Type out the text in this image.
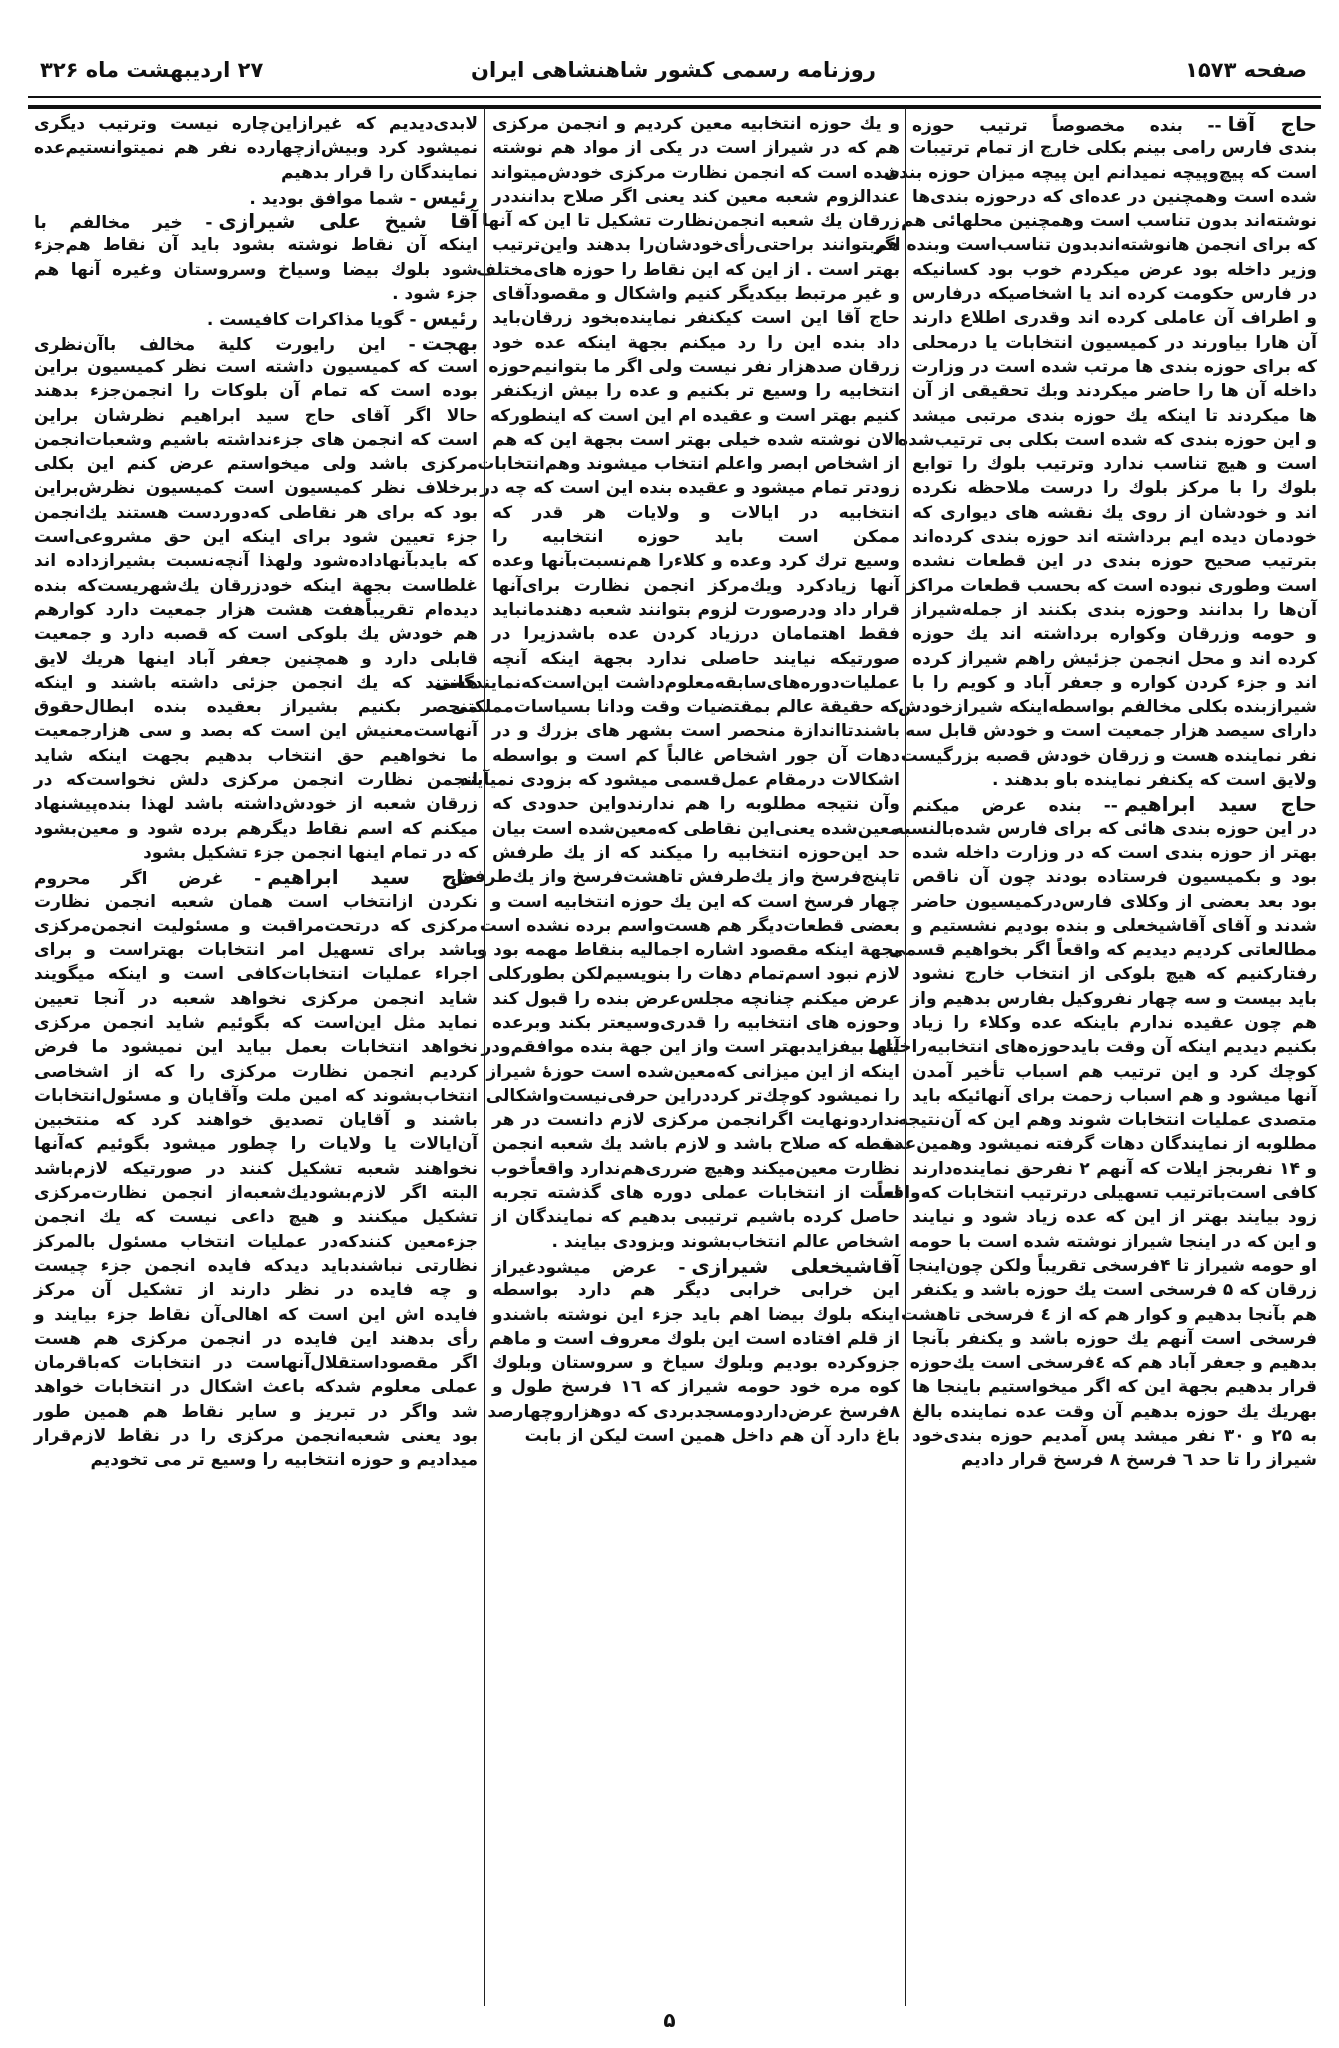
صفحه ۱۵۷۳
روزنامه رسمی کشور شاهنشاهی ایران
۲۷ اردیبهشت ماه ۳۲۶
حاج آقا-- بنده مخصوصاً ترتیب حوزه
بندی فارس رامی بینم بکلی خارج از تمام ترتیبات
است که پیچ‌وپیچه نمیدانم این پیچه میزان حوزه بندی
شده است وهمچنین در عده‌ای که درحوزه بندی‌ها
نوشته‌اند بدون تناسب است وهمچنین محلهائی هم
که برای انجمن هانوشته‌اندبدون تناسب‌است وبنده اگر
وزیر داخله بود عرض میکردم خوب بود کسانیکه
در فارس حکومت کرده اند یا اشخاصیکه درفارس
و اطراف آن عاملی کرده اند وقدری اطلاع دارند
آن هارا بیاورند در کمیسیون انتخابات یا درمحلی
که برای حوزه بندی ها مرتب شده است در وزارت
داخله آن ها را حاضر میکردند وبك تحقیقی از آن
ها میکردند تا اینکه یك حوزه بندی مرتبی میشد
و این حوزه بندی که شده است بکلی بی ترتیب‌شده
است و هیچ تناسب ندارد وترتیب بلوك را توابع
بلوك را با مرکز بلوك را درست ملاحظه نکرده
اند و خودشان از روی یك نقشه های دیواری که
خودمان دیده ایم برداشته اند حوزه بندی کرده‌اند
بترتیب صحیح حوزه بندی در این قطعات نشده
است وطوری نبوده است که بحسب قطعات مراکز
آن‌ها را بدانند وحوزه بندی بکنند از جمله‌شیراز
و حومه وزرقان وکواره برداشته اند یك حوزه
کرده اند و محل انجمن جزئیش راهم شیراز کرده
اند و جزء کردن کواره و جعفر آباد و کویم را با
شیرازبنده بکلی مخالفم بواسطه‌اینکه شیرازخودش
دارای سیصد هزار جمعیت است و خودش قابل سه
نفر نماینده هست و زرقان خودش قصبه بزرگیست
ولایق است که یکنفر نماینده باو بدهند .
حاج سید ابراهیم-- بنده عرض میکنم
در این حوزه بندی هائی که برای فارس شده‌بالنسبه
بهتر از حوزه بندی است که در وزارت داخله شده
بود و بکمیسیون فرستاده بودند چون آن ناقص
بود بعد بعضی از وکلای فارس‌درکمیسیون حاضر
شدند و آقای آقاشیخعلی و بنده بودیم نشستیم و
مطالعاتی کردیم دیدیم که واقعاً اگر بخواهیم قسمی
رفتارکنیم که هیچ بلوکی از انتخاب خارج نشود
باید بیست و سه چهار نفروکیل بفارس بدهیم واز
هم چون عقیده ندارم باینکه عده وکلاء را زیاد
بکنیم دیدیم اینکه آن وقت بایدحوزه‌های انتخابیه‌راخیلی
کوچك کرد و این ترتیب هم اسباب تأخیر آمدن
آنها میشود و هم اسباب زحمت برای آنهائیکه باید
متصدی عملیات انتخابات شوند وهم این که آن‌نتیجه
مطلوبه از نمایندگان دهات گرفته نمیشود وهمین‌عده
و ۱۴ نفربجز ایلات که آنهم ۲ نفرحق نماینده‌دارند
کافی است‌باترتیب تسهیلی درترتیب انتخابات که‌واقعاً
زود بیایند بهتر از این که عده زیاد شود و نیایند
و این که در اینجا شیراز نوشته شده است با حومه
او حومه شیراز تا ۴فرسخی تقریباً ولکن چون‌اینجا
زرقان که ۵ فرسخی است یك حوزه باشد و یکنفر
هم بآنجا بدهیم و کوار هم که از ٤ فرسخی تاهشت
فرسخی است آنهم یك حوزه باشد و یکنفر بآنجا
بدهیم و جعفر آباد هم که ٤فرسخی است یك‌حوزه
قرار بدهیم بجهة این که اگر میخواستیم باینجا ها
بهریك یك حوزه بدهیم آن وقت عده نماینده بالغ
به ۲۵ و ۳۰ نفر میشد پس آمدیم حوزه بندی‌خود
شیراز را تا حد ٦ فرسخ ۸ فرسخ قرار دادیم
و یك حوزه انتخابیه معین کردیم و انجمن مرکزی
هم که در شیراز است در یکی از مواد هم نوشته
شده است که انجمن نظارت مرکزی خودش‌میتواند
عندالزوم شعبه معین کند یعنی اگر صلاح بداننددر
زرقان یك شعبه انجمن‌نظارت تشکیل تا این که آنها
هم‌بتوانند براحتی‌رأی‌خودشان‌را بدهند واین‌ترتیب
بهتر است . از این که این نقاط را حوزه های‌مختلف
و غیر مرتبط بیکدیگر کنیم واشکال و مقصودآقای
حاج آقا این است کیکنفر نماینده‌بخود زرقان‌باید
داد بنده این را رد میکنم بجهة اینکه عده خود
زرقان صدهزار نفر نیست ولی اگر ما بتوانیم‌حوزه
انتخابیه را وسیع تر بکنیم و عده را بیش ازیکنفر
کنیم بهتر است و عقیده ام این است که اینطورکه
الان نوشته شده خیلی بهتر است بجهة این که هم
از اشخاص ابصر واعلم انتخاب میشوند وهم‌انتخابات
زودتر تمام میشود و عقیده بنده این است که چه در
انتخابیه در ایالات و ولایات هر قدر که
ممکن است باید حوزه انتخابیه را
وسیع ترك کرد وعده و کلاءرا هم‌نسبت‌بآنها وعده
آنها زیادکرد ویك‌مرکز انجمن نظارت برای‌آنها
قرار داد ودرصورت لزوم بتوانند شعبه دهندمانباید
فقط اهتمامان درزیاد کردن عده باشدزیرا در
صورتیکه نیایند حاصلی ندارد بجهة اینکه آنچه
عملیات‌دوره‌های‌سابقه‌معلوم‌داشت این‌است‌که‌نمایندگانی
که حقیقة عالم بمقتضیات وقت ودانا بسیاسات‌مملکتی
باشندتااندازة منحصر است بشهر های بزرك و در
دهات آن جور اشخاص غالباً کم است و بواسطه
اشکالات درمقام عمل‌قسمی میشود که بزودی نمیآیند
وآن نتیجه مطلوبه را هم ندارندواین حدودی که
معین‌شده یعنی‌این نقاطی که‌معین‌شده است بیان
حد این‌حوزه انتخابیه را میکند که از یك طرفش
تاپنج‌فرسخ واز یك‌طرفش تاهشت‌فرسخ واز یك‌طرفش
چهار فرسخ است که این یك حوزه انتخابیه است و
بعضی قطعات‌دیگر هم هست‌واسم برده نشده است
بجهة اینکه مقصود اشاره اجمالیه بنقاط مهمه بود و
لازم نبود اسم‌تمام دهات را بنویسیم‌لکن بطورکلی
عرض میکنم چنانچه مجلس‌عرض بنده را قبول کند
وحوزه های انتخابیه را قدری‌وسیعتر بکند وبرعده
آنها بیفزایدبهتر است واز این جهة بنده موافقم‌ودر
اینکه از این میزانی که‌معین‌شده است حوزهٔ شیراز
را نمیشود کوچك‌تر کرددراین حرفی‌نیست‌واشکالی
ندارد‌ونهایت اگرانجمن مرکزی لازم دانست در هر
نقطه که صلاح باشد و لازم باشد یك شعبه انجمن
نظارت معین‌میکند وهیچ ضرری‌هم‌ندارد واقعاًخوب
است از انتخابات عملی دوره های گذشته تجربه
حاصل کرده باشیم ترتیبی بدهیم که نمایندگان از
اشخاص عالم انتخاب‌بشوند وبزودی بیایند .
آقاشیخعلی شیرازی- عرض میشودغیراز
این خرابی خرابی دیگر هم دارد بواسطه
اینکه بلوك بیضا اهم باید جزء این نوشته باشندو
از قلم افتاده است این بلوك معروف است و ماهم
جزوکرده بودیم وبلوك سیاخ و سروستان وبلوك
کوه مره خود حومه شیراز که ۱٦ فرسخ طول و
۸فرسخ عرض‌دارد‌ومسجدبردی که دوهزاروچهارصد
باغ دارد آن هم داخل همین است لیکن از بابت
لابدی‌دیدیم که غیرازاین‌چاره نیست وترتیب دیگری
نمیشود کرد وبیش‌ازچهارده نفر هم نمیتوانستیم‌عده
نمایندگان را قرار بدهیم
رئیس- شما موافق بودید .
آقا شیخ علی شیرازی- خیر مخالفم با
اینکه آن نقاط نوشته بشود باید آن نقاط هم‌جزء
شود بلوك بیضا وسیاخ وسروستان وغیره آنها هم
جزء شود .
رئیس- گویا مذاکرات کافیست .
بهجت- این رایورت کلیة مخالف باآن‌نظری
است که کمیسیون داشته است نظر کمیسیون براین
بوده است که تمام آن بلوکات را انجمن‌جزء بدهند
حالا اگر آقای حاج سید ابراهیم نظرشان براین
است که انجمن های جزءنداشته باشیم وشعبات‌انجمن
مرکزی باشد ولی میخواستم عرض کنم این بکلی
برخلاف نظر کمیسیون است کمیسیون نظرش‌براین
بود که برای هر نقاطی که‌دوردست هستند یك‌انجمن
جزء تعیین شود برای اینکه این حق مشروعی‌است
که باید‌بآنهاداده‌شود ولهذا آنچه‌نسبت بشیرازداده اند
غلطاست بجهة اینکه خودزرقان یك‌شهریست‌که بنده
دیده‌ام تقریباًهفت هشت هزار جمعیت دارد کوارهم
هم خودش یك بلوکی است که قصبه دارد و جمعیت
قابلی دارد و همچنین جعفر آباد اینها هریك لایق
هستند که یك انجمن جزئی داشته باشند و اینکه
منحصر بکنیم بشیراز بعقیده بنده ابطال‌حقوق
آنهاست‌معنیش این است که بصد و سی هزار‌جمعیت
ما نخواهیم حق انتخاب بدهیم بجهت اینکه شاید
انجمن نظارت انجمن مرکزی دلش نخواست‌که در
زرقان شعبه از خودش‌داشته باشد لهذا بنده‌پیشنهاد
میکنم که اسم نقاط دیگرهم برده شود و معین‌بشود
که در تمام اینها انجمن جزء تشکیل بشود
حاج سید ابراهیم- غرض اگر محروم
نکردن ازانتخاب است همان شعبه انجمن نظارت
مرکزی که درتحت‌مراقبت و مسئولیت انجمن‌مرکزی
باشد برای تسهیل امر انتخابات بهتراست و برای
اجراء عملیات انتخابات‌کافی است و اینکه میگویند
شاید انجمن مرکزی نخواهد شعبه در آنجا تعیین
نماید مثل این‌است که بگوئیم شاید انجمن مرکزی
نخواهد انتخابات بعمل بیاید این نمیشود ما فرض
کردیم انجمن نظارت مرکزی را که از اشخاصی
انتخاب‌بشوند که امین ملت وآقایان و مسئول‌انتخابات
باشند و آقایان تصدیق خواهند کرد که منتخبین
آن‌ایالات یا ولایات را چطور میشود بگوئیم که‌آنها
نخواهند شعبه تشکیل کنند در صورتیکه لازم‌باشد
البته اگر لازم‌بشود‌یك‌شعبه‌از انجمن نظارت‌مرکزی
تشکیل میکنند و هیچ داعی نیست که یك انجمن
جزءمعین کنندکه‌در عملیات انتخاب مسئول بالمرکز
نظارتی نباشندباید دیدکه فایده انجمن جزء چیست
و چه فایده در نظر دارند از تشکیل آن مرکز
فایده اش این است که اهالی‌آن نقاط جزء بیایند و
رأی بدهند این فایده در انجمن مرکزی هم هست
اگر مقصوداستقلال‌آنهاست در انتخابات که‌باقرمان
عملی معلوم شدکه باعث اشکال در انتخابات خواهد
شد واگر در تبریز و سایر نقاط هم همین طور
بود یعنی شعبه‌انجمن مرکزی را در نقاط لازم‌قرار
میدادیم و حوزه انتخابیه را وسیع تر می تخودیم
۵
